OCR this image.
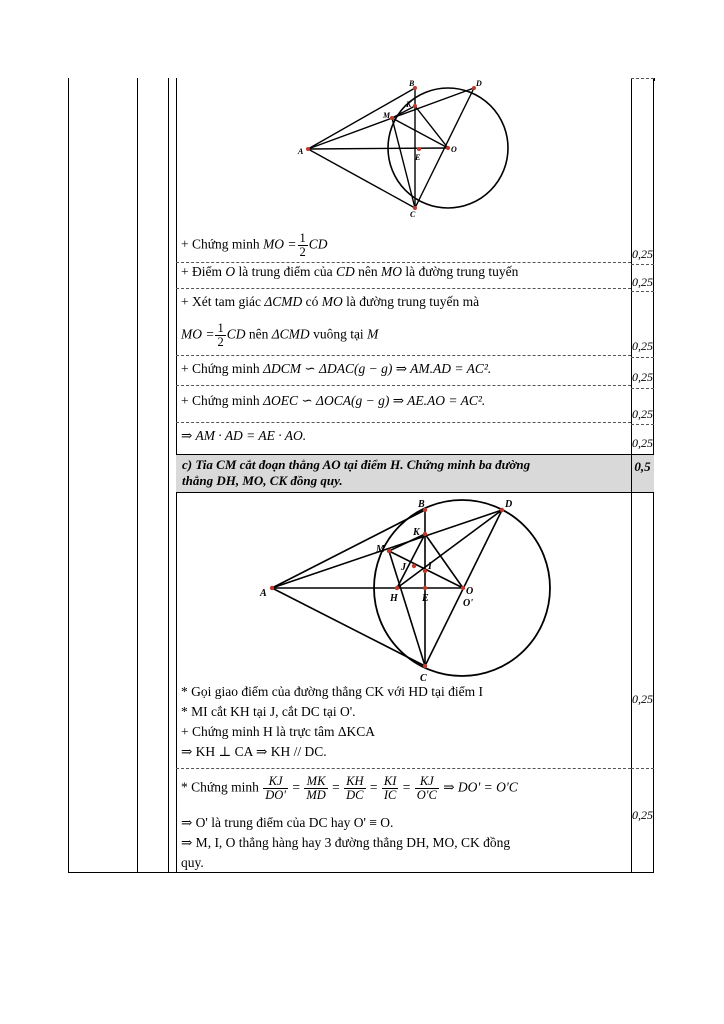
A
B	D
K
M
E
O
C
+ Chứng minh MO = $\frac{1}{2}$ CD
0,25
+ Điểm O là trung điểm của CD nên MO là đường trung tuyến
0,25
+ Xét tam giác ΔCMD có MO là đường trung tuyến mà
MO = $\frac{1}{2}$ CD nên ΔCMD vuông tại M
0,25
+ Chứng minh ΔDCM ∽ ΔDAC(g − g) ⇒ AM.AD = AC².
0,25
+ Chứng minh ΔOEC ∽ ΔOCA(g − g) ⇒ AE.AO = AC².
0,25
⇒ AM · AD = AE · AO.	0,25
c) Tia CM cắt đoạn thẳng AO tại điểm H. Chứng minh ba đường
thẳng DH, MO, CK đồng quy.
0,5
A
B	D
K
M
I
J
H E
O
O'
C
* Gọi giao điểm của đường thẳng CK với HD tại điểm I
* MI cắt KH tại J, cắt DC tại O'.
+ Chứng minh H là trực tâm ΔKCA
⇒ KH ⊥ CA ⇒ KH // DC.
0,25
* Chứng minh $\frac{KJ}{DO'} = \frac{MK}{MD} = \frac{KH}{DC} = \frac{KI}{IC} = \frac{KJ}{O'C}$ ⇒ DO' = O'C
⇒ O' là trung điểm của DC hay O' ≡ O.
⇒ M, I, O thẳng hàng hay 3 đường thẳng DH, MO, CK đồng
quy.
0,25
